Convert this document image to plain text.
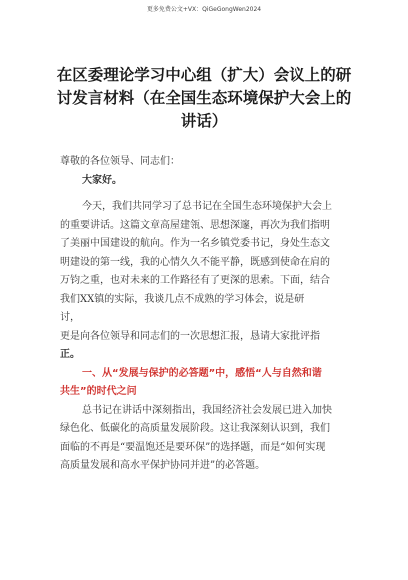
更多免费公文+VX：QiGeGongWen2024
在区委理论学习中心组（扩大）会议上的研
讨发言材料（在全国生态环境保护大会上的
讲话）

尊敬的各位领导、同志们：

大家好。

今天，我们共同学习了总书记在全国生态环境保护大会上

的重要讲话。这篇文章高屋建瓴、思想深邃，再次为我们指明

了美丽中国建设的航向。作为一名乡镇党委书记，身处生态文

明建设的第一线，我的心情久久不能平静，既感到使命在肩的

万钧之重，也对未来的工作路径有了更深的思索。下面，结合

我们XX镇的实际，我谈几点不成熟的学习体会，说是研

讨，

更是向各位领导和同志们的一次思想汇报，恳请大家批评指

正。

一、从“发展与保护的必答题”中，感悟“人与自然和谐

共生”的时代之问

总书记在讲话中深刻指出，我国经济社会发展已进入加快

绿色化、低碳化的高质量发展阶段。这让我深刻认识到，我们

面临的不再是“要温饱还是要环保”的选择题，而是“如何实现

高质量发展和高水平保护协同并进”的必答题。
